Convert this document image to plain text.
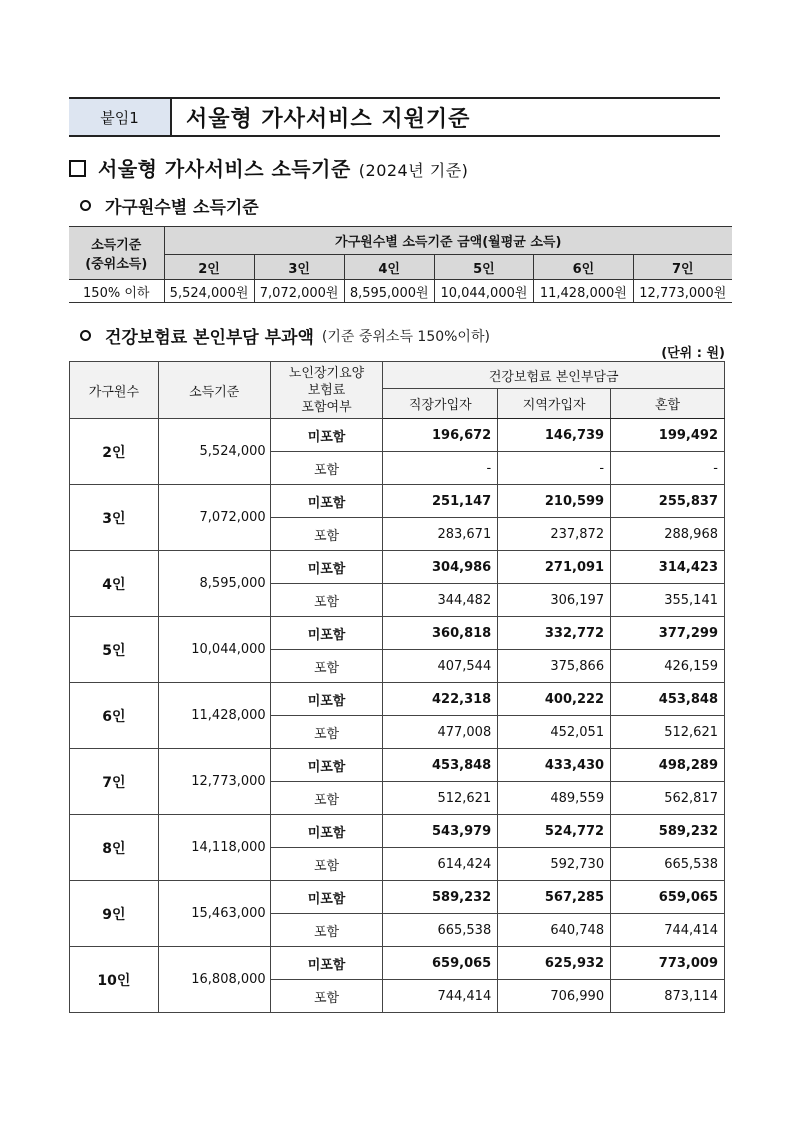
붙임1	서울형 가사서비스 지원기준
서울형 가사서비스 소득기준 (2024년 기준)
가구원수별 소득기준
소득기준
(중위소득)	가구원수별 소득기준 금액(월평균 소득)					
	2인	3인	4인	5인	6인	7인
150% 이하	5,524,000원	7,072,000원	8,595,000원	10,044,000원	11,428,000원	12,773,000원
건강보험료 본인부담 부과액 (기준 중위소득 150%이하)
(단위 : 원)
가구원수	소득기준	노인장기요양
보험료
포함여부	건강보험료 본인부담금		
			직장가입자	지역가입자	혼합
2인	5,524,000	미포함	196,672	146,739	199,492
		포함	-	-	-
3인	7,072,000	미포함	251,147	210,599	255,837
		포함	283,671	237,872	288,968
4인	8,595,000	미포함	304,986	271,091	314,423
		포함	344,482	306,197	355,141
5인	10,044,000	미포함	360,818	332,772	377,299
		포함	407,544	375,866	426,159
6인	11,428,000	미포함	422,318	400,222	453,848
		포함	477,008	452,051	512,621
7인	12,773,000	미포함	453,848	433,430	498,289
		포함	512,621	489,559	562,817
8인	14,118,000	미포함	543,979	524,772	589,232
		포함	614,424	592,730	665,538
9인	15,463,000	미포함	589,232	567,285	659,065
		포함	665,538	640,748	744,414
10인	16,808,000	미포함	659,065	625,932	773,009
		포함	744,414	706,990	873,114
